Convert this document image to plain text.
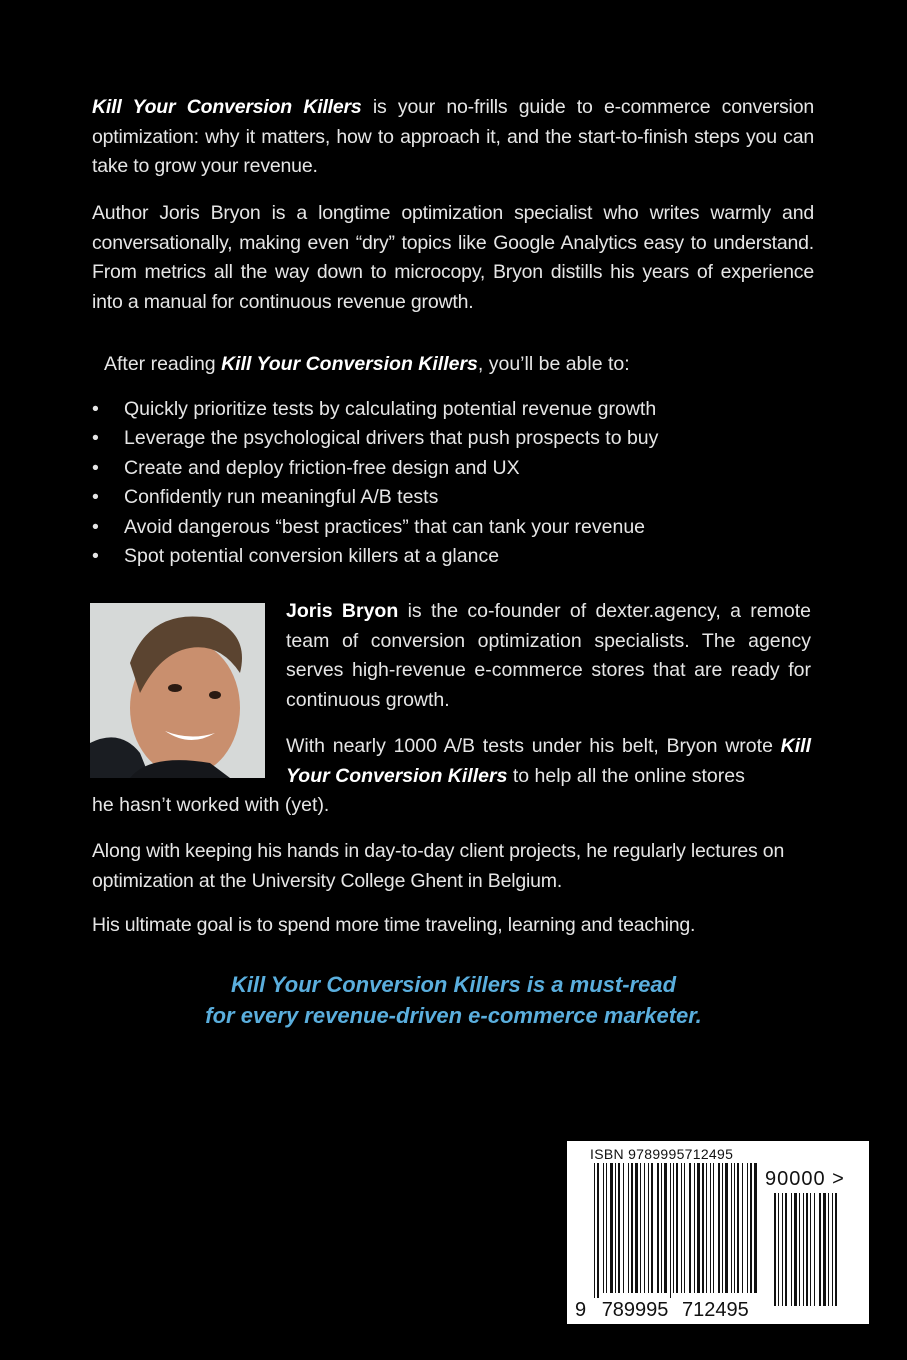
Kill Your Conversion Killers is your no-frills guide to e-commerce conversion optimization: why it matters, how to approach it, and the start-to-finish steps you can take to grow your revenue.

Author Joris Bryon is a longtime optimization specialist who writes warmly and conversationally, making even “dry” topics like Google Analytics easy to understand. From metrics all the way down to microcopy, Bryon distills his years of experience into a manual for continuous revenue growth.

After reading Kill Your Conversion Killers, you’ll be able to:
• Quickly prioritize tests by calculating potential revenue growth
• Leverage the psychological drivers that push prospects to buy
• Create and deploy friction-free design and UX
• Confidently run meaningful A/B tests
• Avoid dangerous “best practices” that can tank your revenue
• Spot potential conversion killers at a glance

Joris Bryon is the co-founder of dexter.agency, a remote team of conversion optimization specialists. The agency serves high-revenue e-commerce stores that are ready for continuous growth.

With nearly 1000 A/B tests under his belt, Bryon wrote Kill Your Conversion Killers to help all the online stores

he hasn’t worked with (yet).

Along with keeping his hands in day-to-day client projects, he regularly lectures on optimization at the University College Ghent in Belgium.

His ultimate goal is to spend more time traveling, learning and teaching.

Kill Your Conversion Killers is a must-read
for every revenue-driven e-commerce marketer.
ISBN 9789995712495
90000 >
9 789995 712495
